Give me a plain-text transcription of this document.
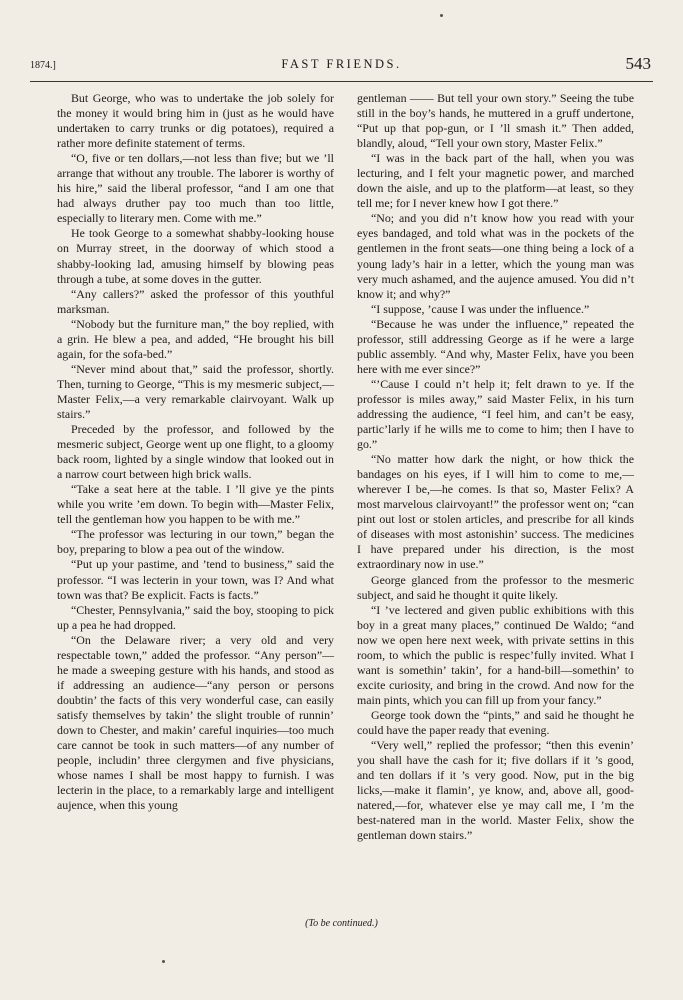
1874.]	FAST FRIENDS.	543

But George, who was to undertake the job solely for the money it would bring him in (just as he would have undertaken to carry trunks or dig potatoes), required a rather more definite statement of terms.

“O, five or ten dollars,—not less than five; but we ’ll arrange that without any trouble. The laborer is worthy of his hire,” said the liberal professor, “and I am one that had always druther pay too much than too little, especially to literary men. Come with me.”

He took George to a somewhat shabby-looking house on Murray street, in the doorway of which stood a shabby-looking lad, amusing himself by blowing peas through a tube, at some doves in the gutter.

“Any callers?” asked the professor of this youthful marksman.

“Nobody but the furniture man,” the boy replied, with a grin. He blew a pea, and added, “He brought his bill again, for the sofa-bed.”

“Never mind about that,” said the professor, shortly. Then, turning to George, “This is my mesmeric subject,—Master Felix,—a very remarkable clairvoyant. Walk up stairs.”

Preceded by the professor, and followed by the mesmeric subject, George went up one flight, to a gloomy back room, lighted by a single window that looked out in a narrow court between high brick walls.

“Take a seat here at the table. I ’ll give ye the pints while you write ’em down. To begin with—Master Felix, tell the gentleman how you happen to be with me.”

“The professor was lecturing in our town,” began the boy, preparing to blow a pea out of the window.

“Put up your pastime, and ’tend to business,” said the professor. “I was lecterin in your town, was I? And what town was that? Be explicit. Facts is facts.”

“Chester, Pennsylvania,” said the boy, stooping to pick up a pea he had dropped.

“On the Delaware river; a very old and very respectable town,” added the professor. “Any person”—he made a sweeping gesture with his hands, and stood as if addressing an audience—“any person or persons doubtin’ the facts of this very wonderful case, can easily satisfy themselves by takin’ the slight trouble of runnin’ down to Chester, and makin’ careful inquiries—too much care cannot be took in such matters—of any number of people, includin’ three clergymen and five physicians, whose names I shall be most happy to furnish. I was lecterin in the place, to a remarkably large and intelligent aujence, when this young

gentleman —— But tell your own story.” Seeing the tube still in the boy’s hands, he muttered in a gruff undertone, “Put up that pop-gun, or I ’ll smash it.” Then added, blandly, aloud, “Tell your own story, Master Felix.”

“I was in the back part of the hall, when you was lecturing, and I felt your magnetic power, and marched down the aisle, and up to the platform—at least, so they tell me; for I never knew how I got there.”

“No; and you did n’t know how you read with your eyes bandaged, and told what was in the pockets of the gentlemen in the front seats—one thing being a lock of a young lady’s hair in a letter, which the young man was very much ashamed, and the aujence amused. You did n’t know it; and why?”

“I suppose, ’cause I was under the influence.”

“Because he was under the influence,” repeated the professor, still addressing George as if he were a large public assembly. “And why, Master Felix, have you been here with me ever since?”

“’Cause I could n’t help it; felt drawn to ye. If the professor is miles away,” said Master Felix, in his turn addressing the audience, “I feel him, and can’t be easy, partic’larly if he wills me to come to him; then I have to go.”

“No matter how dark the night, or how thick the bandages on his eyes, if I will him to come to me,—wherever I be,—he comes. Is that so, Master Felix? A most marvelous clairvoyant!” the professor went on; “can pint out lost or stolen articles, and prescribe for all kinds of diseases with most astonishin’ success. The medicines I have prepared under his direction, is the most extraordinary now in use.”

George glanced from the professor to the mesmeric subject, and said he thought it quite likely.

“I ’ve lectered and given public exhibitions with this boy in a great many places,” continued De Waldo; “and now we open here next week, with private settins in this room, to which the public is respec’fully invited. What I want is somethin’ takin’, for a hand-bill—somethin’ to excite curiosity, and bring in the crowd. And now for the main pints, which you can fill up from your fancy.”

George took down the “pints,” and said he thought he could have the paper ready that evening.

“Very well,” replied the professor; “then this evenin’ you shall have the cash for it; five dollars if it ’s good, and ten dollars if it ’s very good. Now, put in the big licks,—make it flamin’, ye know, and, above all, good-natered,—for, whatever else ye may call me, I ’m the best-natered man in the world. Master Felix, show the gentleman down stairs.”

(To be continued.)
